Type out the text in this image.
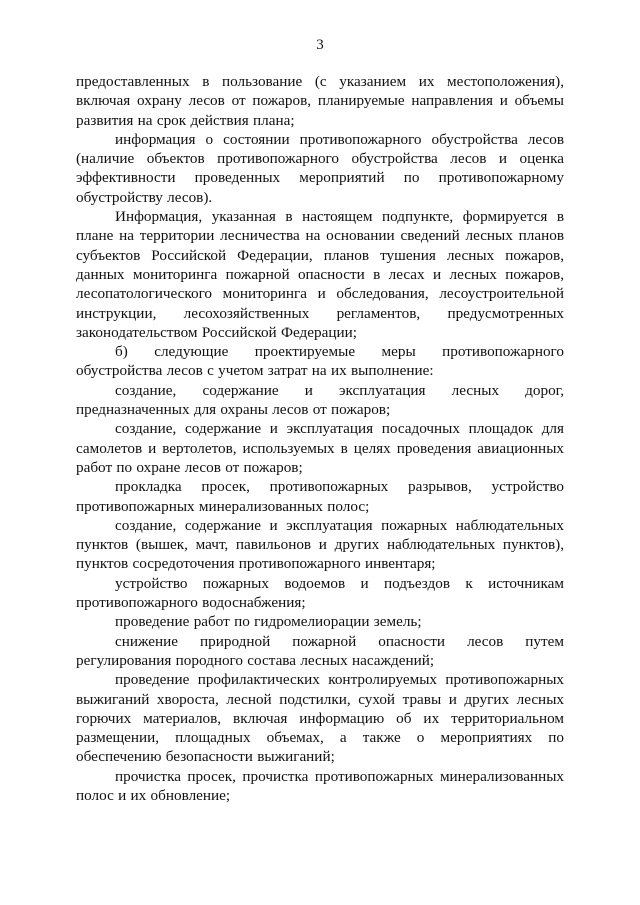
3

предоставленных в пользование (с указанием их местоположения), включая охрану лесов от пожаров, планируемые направления и объемы развития на срок действия плана;

информация о состоянии противопожарного обустройства лесов (наличие объектов противопожарного обустройства лесов и оценка эффективности проведенных мероприятий по противопожарному обустройству лесов).

Информация, указанная в настоящем подпункте, формируется в плане на территории лесничества на основании сведений лесных планов субъектов Российской Федерации, планов тушения лесных пожаров, данных мониторинга пожарной опасности в лесах и лесных пожаров, лесопатологического мониторинга и обследования, лесоустроительной инструкции, лесохозяйственных регламентов, предусмотренных законодательством Российской Федерации;

б) следующие проектируемые меры противопожарного обустройства лесов с учетом затрат на их выполнение:

создание, содержание и эксплуатация лесных дорог, предназначенных для охраны лесов от пожаров;

создание, содержание и эксплуатация посадочных площадок для самолетов и вертолетов, используемых в целях проведения авиационных работ по охране лесов от пожаров;

прокладка просек, противопожарных разрывов, устройство противопожарных минерализованных полос;

создание, содержание и эксплуатация пожарных наблюдательных пунктов (вышек, мачт, павильонов и других наблюдательных пунктов), пунктов сосредоточения противопожарного инвентаря;

устройство пожарных водоемов и подъездов к источникам противопожарного водоснабжения;

проведение работ по гидромелиорации земель;

снижение природной пожарной опасности лесов путем регулирования породного состава лесных насаждений;

проведение профилактических контролируемых противопожарных выжиганий хвороста, лесной подстилки, сухой травы и других лесных горючих материалов, включая информацию об их территориальном размещении, площадных объемах, а также о мероприятиях по обеспечению безопасности выжиганий;

прочистка просек, прочистка противопожарных минерализованных полос и их обновление;
